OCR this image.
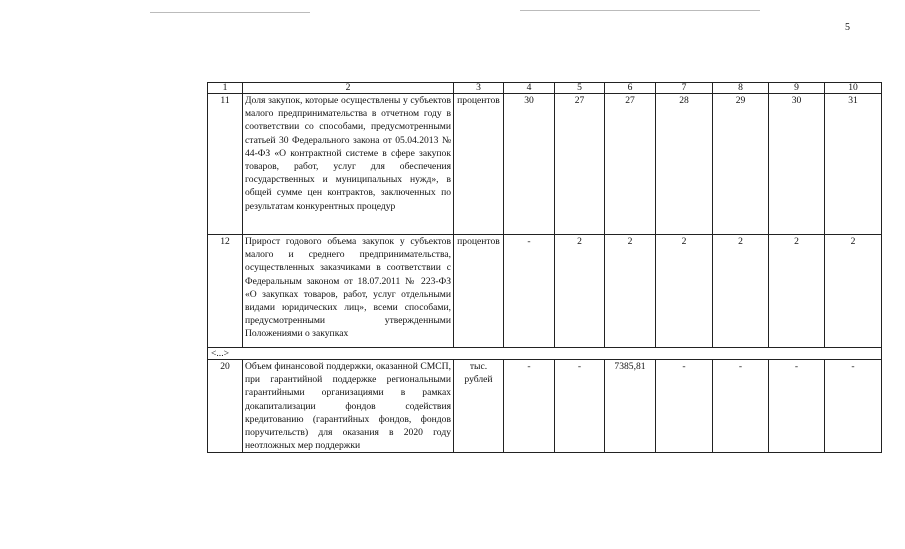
5
1	2	3	4	5	6	7	8	9	10
11	Доля закупок, которые осуществлены у субъектов малого предпринимательства в отчетном году в соответствии со способами, предусмотренными статьей 30 Федерального закона от 05.04.2013 № 44-ФЗ «О контрактной системе в сфере закупок товаров, работ, услуг для обеспечения государственных и муниципальных нужд», в общей сумме цен контрактов, заключенных по результатам конкурентных процедур	процентов	30	27	27	28	29	30	31
12	Прирост годового объема закупок у субъектов малого и среднего предпринимательства, осуществленных заказчиками в соответствии с Федеральным законом от 18.07.2011 № 223-ФЗ «О закупках товаров, работ, услуг отдельными видами юридических лиц», всеми способами, предусмотренными утвержденными Положениями о закупках	процентов	-	2	2	2	2	2	2
<...>									
20	Объем финансовой поддержки, оказанной СМСП, при гарантийной поддержке региональными гарантийными организациями в рамках докапитализации фондов содействия кредитованию (гарантийных фондов, фондов поручительств) для оказания в 2020 году неотложных мер поддержки	тыс. рублей	-	-	7385,81	-	-	-	-
